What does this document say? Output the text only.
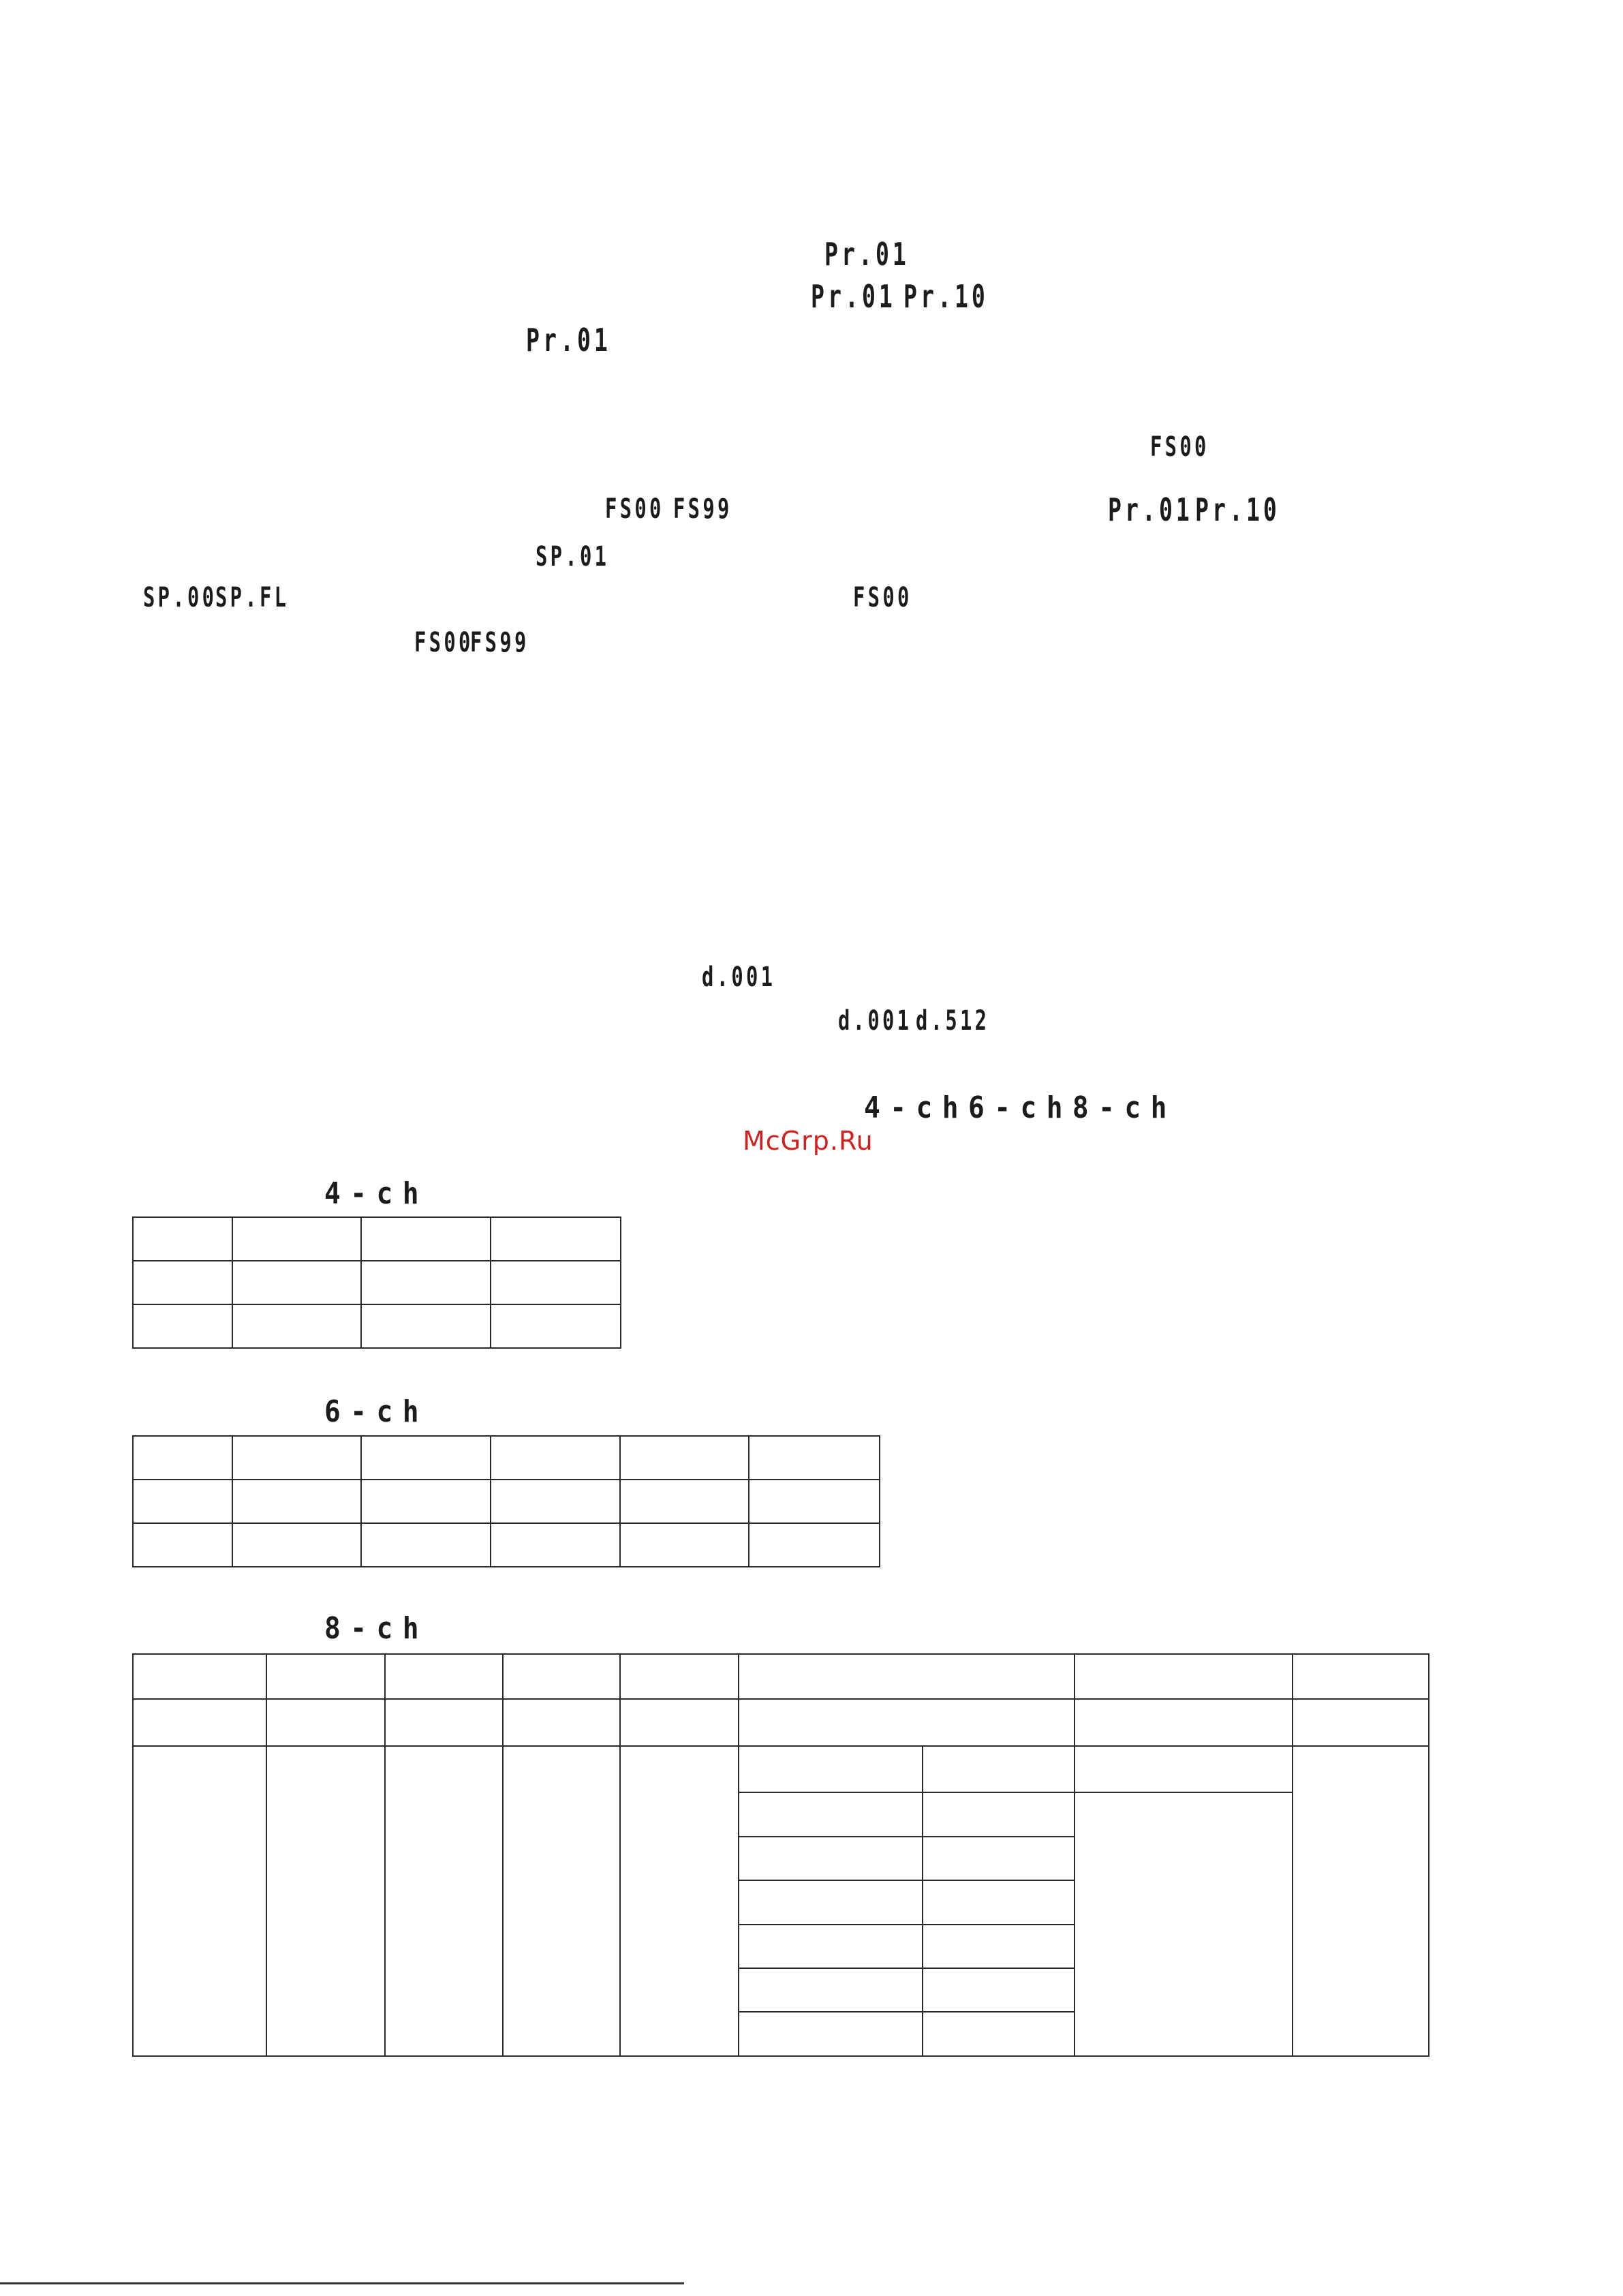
Pr.01
Pr.01 Pr.10
Pr.01
FS00
FS00 FS99	Pr.01 Pr.10
SP.01
SP.00
SP.FL	FS00
FS00
FS99
d.001
d.001 d.512
4-ch6-ch8-ch
McGrp.Ru
4-ch

6-ch

8-ch
